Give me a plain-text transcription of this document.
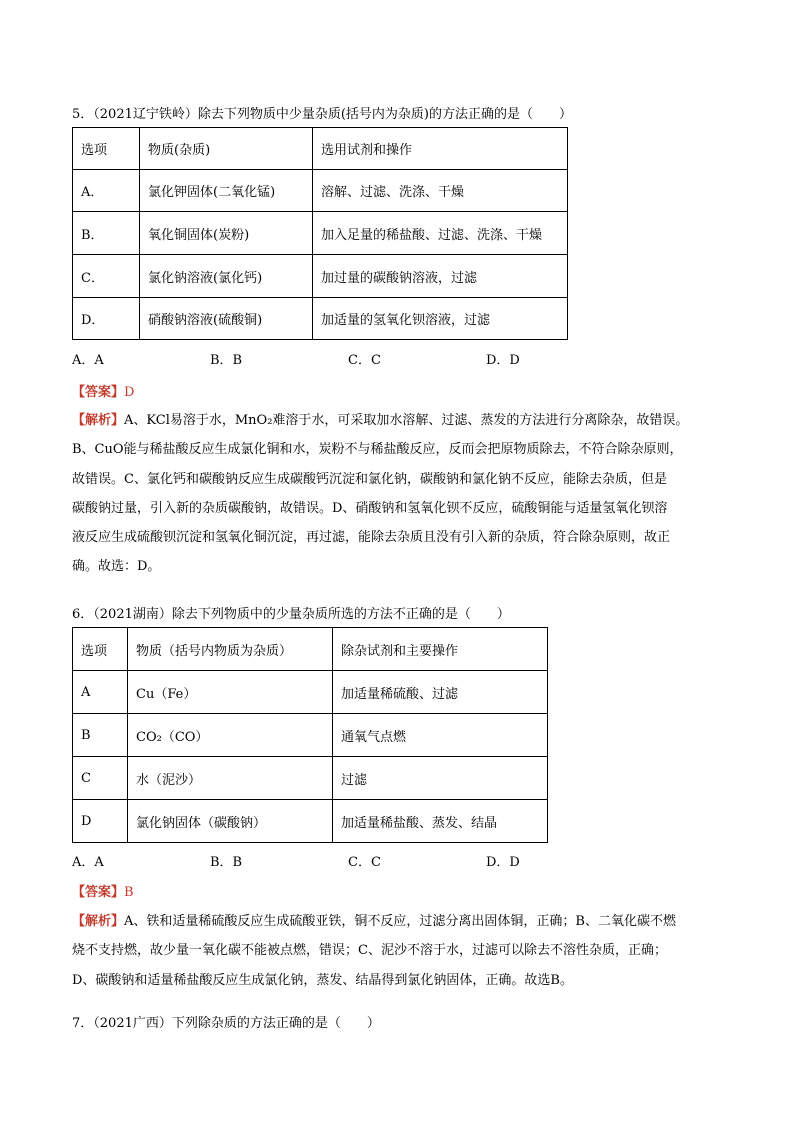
5．（2021辽宁铁岭）除去下列物质中少量杂质(括号内为杂质)的方法正确的是（　　）
选项	物质(杂质)	选用试剂和操作
A．	氯化钾固体(二氧化锰)	溶解、过滤、洗涤、干燥
B．	氧化铜固体(炭粉)	加入足量的稀盐酸、过滤、洗涤、干燥
C．	氯化钠溶液(氯化钙)	加过量的碳酸钠溶液，过滤
D．	硝酸钠溶液(硫酸铜)	加适量的氢氧化钡溶液，过滤
A．A	B．B	C．C	D．D
【答案】D
【解析】A、KCl易溶于水，MnO₂难溶于水，可采取加水溶解、过滤、蒸发的方法进行分离除杂，故错误。
B、CuO能与稀盐酸反应生成氯化铜和水，炭粉不与稀盐酸反应，反而会把原物质除去，不符合除杂原则，
故错误。C、氯化钙和碳酸钠反应生成碳酸钙沉淀和氯化钠，碳酸钠和氯化钠不反应，能除去杂质，但是
碳酸钠过量，引入新的杂质碳酸钠，故错误。D、硝酸钠和氢氧化钡不反应，硫酸铜能与适量氢氧化钡溶
液反应生成硫酸钡沉淀和氢氧化铜沉淀，再过滤，能除去杂质且没有引入新的杂质，符合除杂原则，故正
确。故选：D。
6．（2021湖南）除去下列物质中的少量杂质所选的方法不正确的是（　　）
选项	物质（括号内物质为杂质）	除杂试剂和主要操作
A	Cu（Fe）	加适量稀硫酸、过滤
B	CO₂（CO）	通氧气点燃
C	水（泥沙）	过滤
D	氯化钠固体（碳酸钠）	加适量稀盐酸、蒸发、结晶
A．A	B．B	C．C	D．D
【答案】B
【解析】A、铁和适量稀硫酸反应生成硫酸亚铁，铜不反应，过滤分离出固体铜，正确；B、二氧化碳不燃
烧不支持燃，故少量一氧化碳不能被点燃，错误；C、泥沙不溶于水，过滤可以除去不溶性杂质，正确；
D、碳酸钠和适量稀盐酸反应生成氯化钠，蒸发、结晶得到氯化钠固体，正确。故选B。
7．（2021广西）下列除杂质的方法正确的是（　　）
